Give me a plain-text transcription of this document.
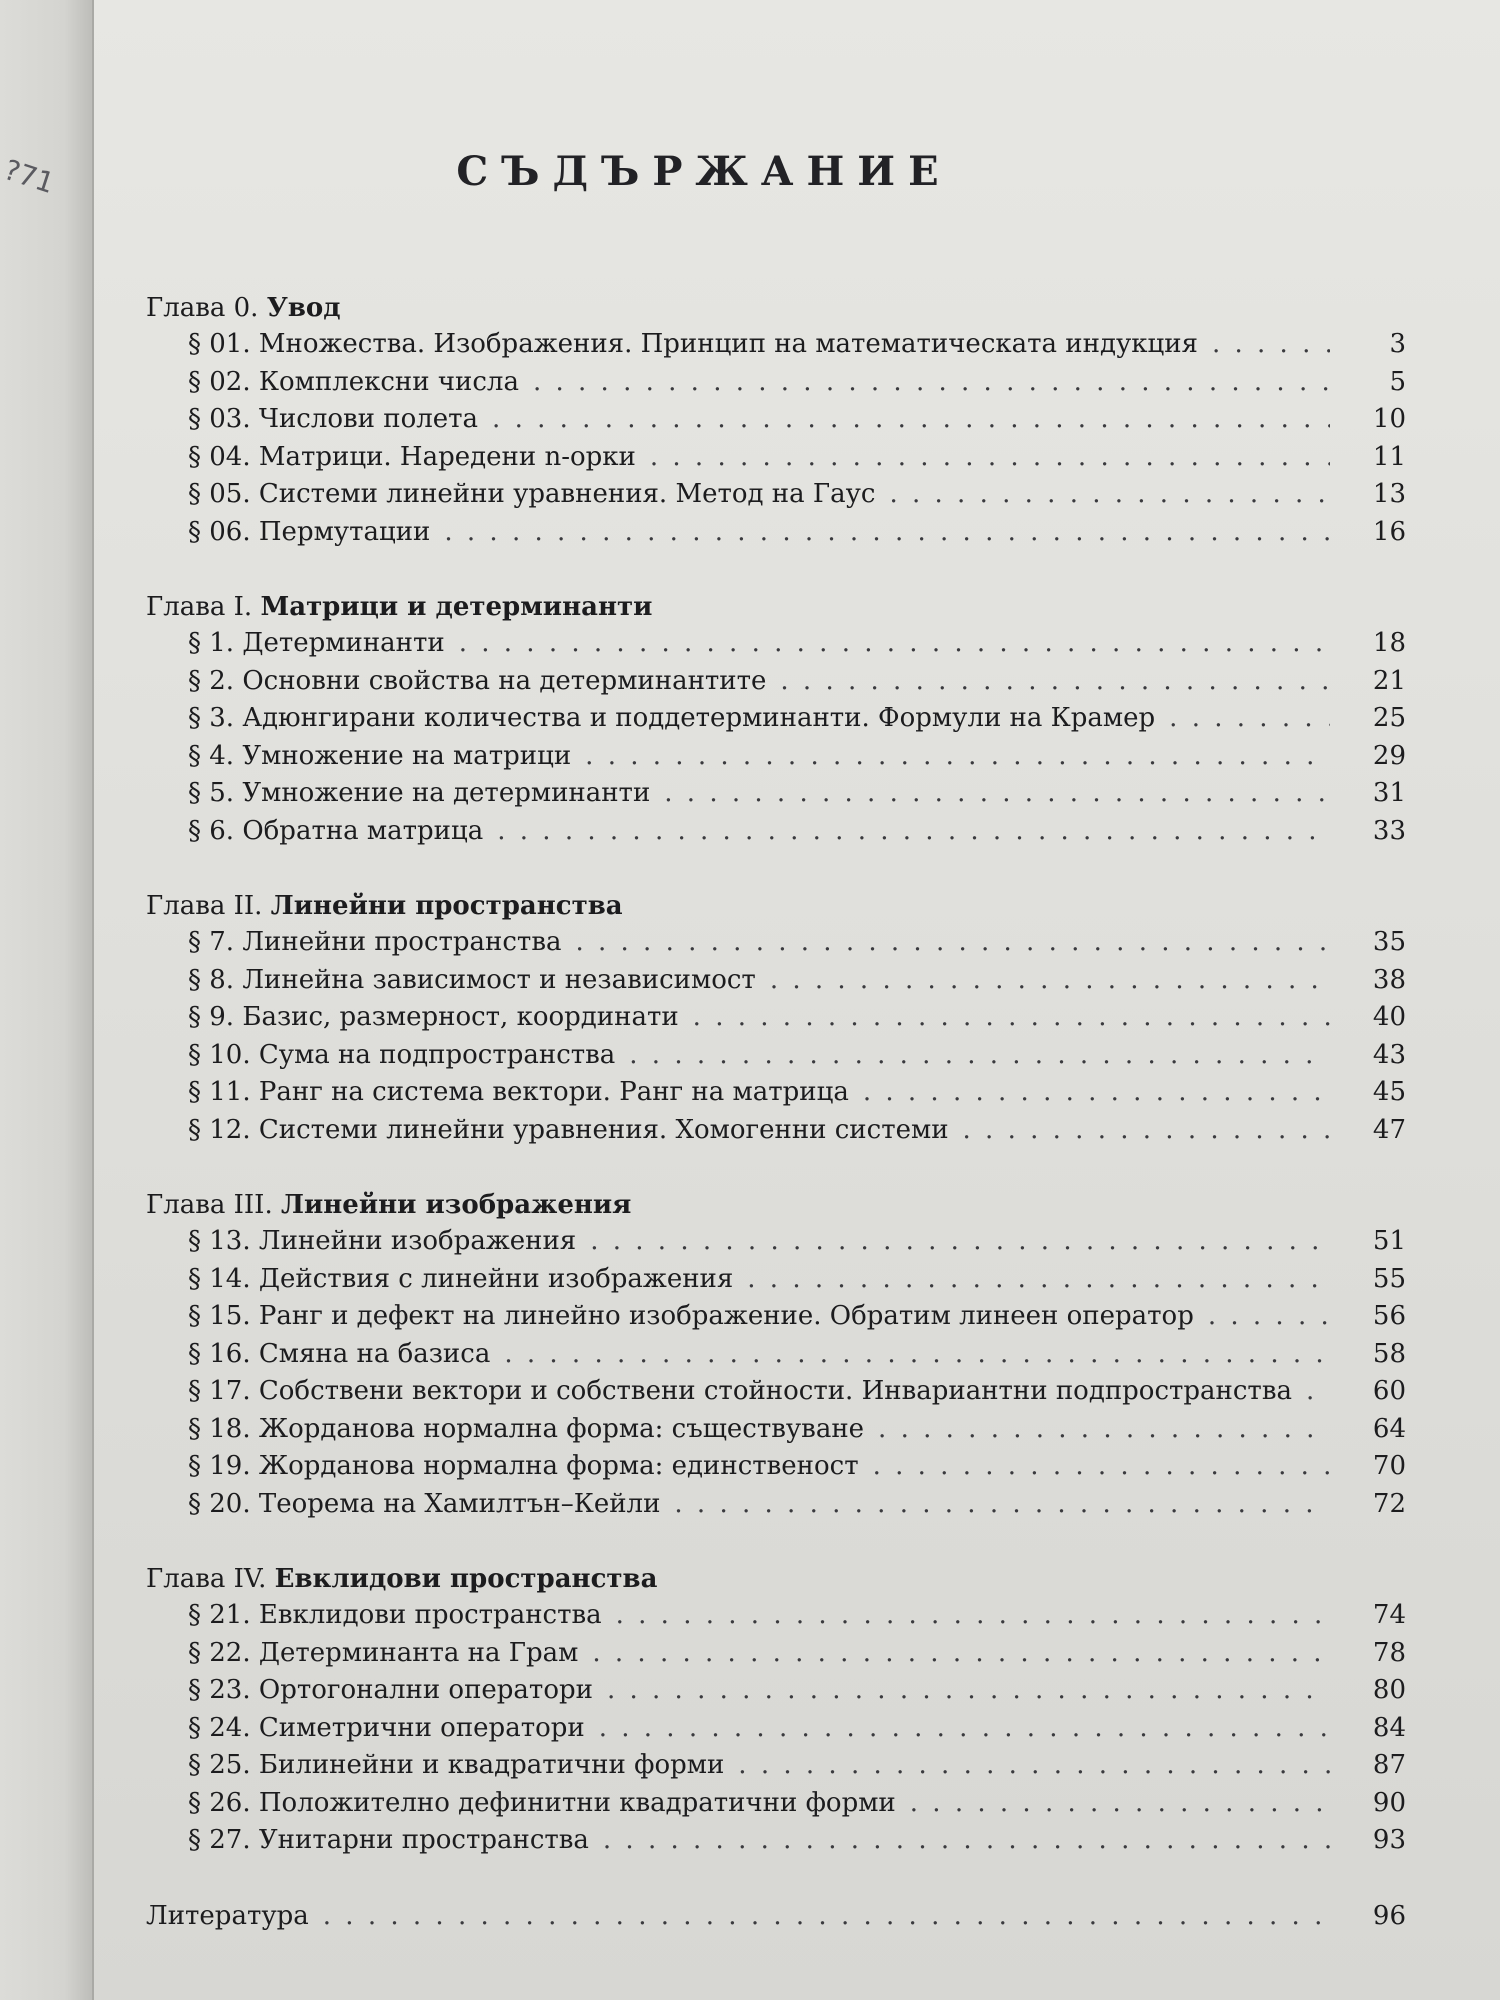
?71	СЪДЪРЖАНИЕ
Глава 0. Увод
§ 01. Множества. Изображения. Принцип на математическата индукция . . .	3
§ 02. Комплексни числа . . .	5
§ 03. Числови полета . . .	10
§ 04. Матрици. Наредени n-орки . . .	11
§ 05. Системи линейни уравнения. Метод на Гаус . . .	13
§ 06. Пермутации . . .	16
Глава I. Матрици и детерминанти
§ 1. Детерминанти . . .	18
§ 2. Основни свойства на детерминантите . . .	21
§ 3. Адюнгирани количества и поддетерминанти. Формули на Крамер . . .	25
§ 4. Умножение на матрици . . .	29
§ 5. Умножение на детерминанти . . .	31
§ 6. Обратна матрица . . .	33
Глава II. Линейни пространства
§ 7. Линейни пространства . . .	35
§ 8. Линейна зависимост и независимост . . .	38
§ 9. Базис, размерност, координати . . .	40
§ 10. Сума на подпространства . . .	43
§ 11. Ранг на система вектори. Ранг на матрица . . .	45
§ 12. Системи линейни уравнения. Хомогенни системи . . .	47
Глава III. Линейни изображения
§ 13. Линейни изображения . . .	51
§ 14. Действия с линейни изображения . . .	55
§ 15. Ранг и дефект на линейно изображение. Обратим линеен оператор . . .	56
§ 16. Смяна на базиса . . .	58
§ 17. Собствени вектори и собствени стойности. Инвариантни подпространства . . .	60
§ 18. Жорданова нормална форма: съществуване . . .	64
§ 19. Жорданова нормална форма: единственост . . .	70
§ 20. Теорема на Хамилтън–Кейли . . .	72
Глава IV. Евклидови пространства
§ 21. Евклидови пространства . . .	74
§ 22. Детерминанта на Грам . . .	78
§ 23. Ортогонални оператори . . .	80
§ 24. Симетрични оператори . . .	84
§ 25. Билинейни и квадратични форми . . .	87
§ 26. Положително дефинитни квадратични форми . . .	90
§ 27. Унитарни пространства . . .	93
Литература . . .	96
